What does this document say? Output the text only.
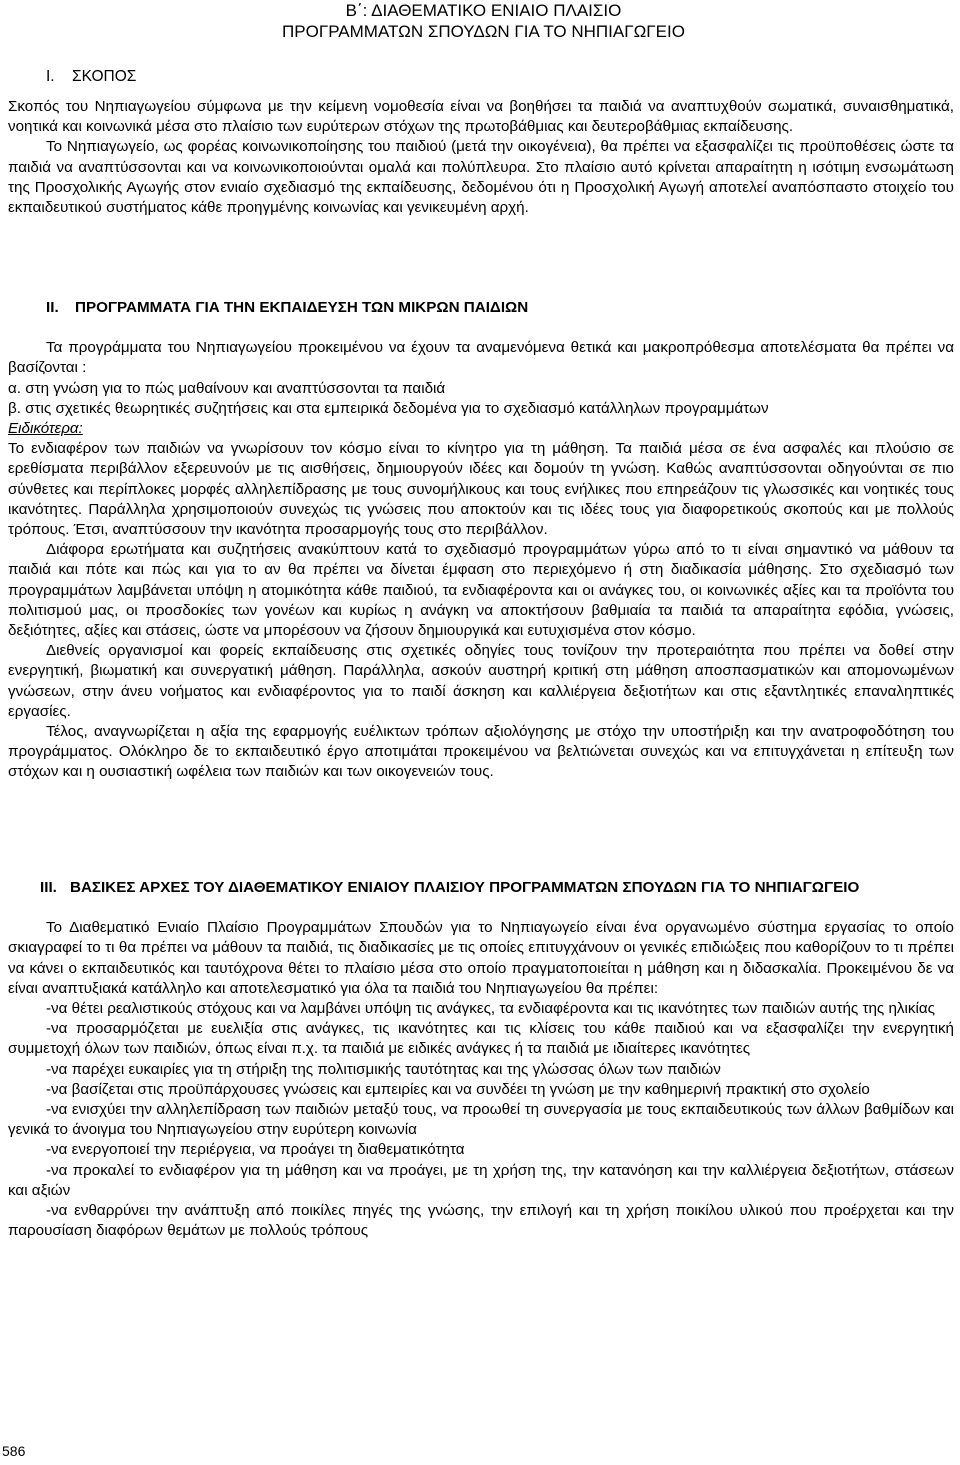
Β΄: ΔΙΑΘΕΜΑΤΙΚΟ ΕΝΙΑΙΟ ΠΛΑΙΣΙΟ
ΠΡΟΓΡΑΜΜΑΤΩΝ ΣΠΟΥΔΩΝ ΓΙΑ ΤΟ ΝΗΠΙΑΓΩΓΕΙΟ
I. ΣΚΟΠΟΣ

Σκοπός του Νηπιαγωγείου σύμφωνα με την κείμενη νομοθεσία είναι να βοηθήσει τα παιδιά να αναπτυχθούν σωματικά, συναισθηματικά, νοητικά και κοινωνικά μέσα στο πλαίσιο των ευρύτερων στόχων της πρωτοβάθμιας και δευτεροβάθμιας εκπαίδευσης.

Το Νηπιαγωγείο, ως φορέας κοινωνικοποίησης του παιδιού (μετά την οικογένεια), θα πρέπει να εξασφαλίζει τις προϋποθέσεις ώστε τα παιδιά να αναπτύσσονται και να κοινωνικοποιούνται ομαλά και πολύπλευρα. Στο πλαίσιο αυτό κρίνεται απαραίτητη η ισότιμη ενσωμάτωση της Προσχολικής Αγωγής στον ενιαίο σχεδιασμό της εκπαίδευσης, δεδομένου ότι η Προσχολική Αγωγή αποτελεί αναπόσπαστο στοιχείο του εκπαιδευτικού συστήματος κάθε προηγμένης κοινωνίας και γενικευμένη αρχή.

II. ΠΡΟΓΡΑΜΜΑΤΑ ΓΙΑ ΤΗΝ ΕΚΠΑΙΔΕΥΣΗ ΤΩΝ ΜΙΚΡΩΝ ΠΑΙΔΙΩΝ

Τα προγράμματα του Νηπιαγωγείου προκειμένου να έχουν τα αναμενόμενα θετικά και μακροπρόθεσμα αποτελέσματα θα πρέπει να βασίζονται :

α. στη γνώση για το πώς μαθαίνουν και αναπτύσσονται τα παιδιά

β. στις σχετικές θεωρητικές συζητήσεις και στα εμπειρικά δεδομένα για το σχεδιασμό κατάλληλων προγραμμάτων

Ειδικότερα:

Το ενδιαφέρον των παιδιών να γνωρίσουν τον κόσμο είναι το κίνητρο για τη μάθηση. Τα παιδιά μέσα σε ένα ασφαλές και πλούσιο σε ερεθίσματα περιβάλλον εξερευνούν με τις αισθήσεις, δημιουργούν ιδέες και δομούν τη γνώση. Καθώς αναπτύσσονται οδηγούνται σε πιο σύνθετες και περίπλοκες μορφές αλληλεπίδρασης με τους συνομήλικους και τους ενήλικες που επηρεάζουν τις γλωσσικές και νοητικές τους ικανότητες. Παράλληλα χρησιμοποιούν συνεχώς τις γνώσεις που αποκτούν και τις ιδέες τους για διαφορετικούς σκοπούς και με πολλούς τρόπους. Έτσι, αναπτύσσουν την ικανότητα προσαρμογής τους στο περιβάλλον.

Διάφορα ερωτήματα και συζητήσεις ανακύπτουν κατά το σχεδιασμό προγραμμάτων γύρω από το τι είναι σημαντικό να μάθουν τα παιδιά και πότε και πώς και για το αν θα πρέπει να δίνεται έμφαση στο περιεχόμενο ή στη διαδικασία μάθησης. Στο σχεδιασμό των προγραμμάτων λαμβάνεται υπόψη η ατομικότητα κάθε παιδιού, τα ενδιαφέροντα και οι ανάγκες του, οι κοινωνικές αξίες και τα προϊόντα του πολιτισμού μας, οι προσδοκίες των γονέων και κυρίως η ανάγκη να αποκτήσουν βαθμιαία τα παιδιά τα απαραίτητα εφόδια, γνώσεις, δεξιότητες, αξίες και στάσεις, ώστε να μπορέσουν να ζήσουν δημιουργικά και ευτυχισμένα στον κόσμο.

Διεθνείς οργανισμοί και φορείς εκπαίδευσης στις σχετικές οδηγίες τους τονίζουν την προτεραιότητα που πρέπει να δοθεί στην ενεργητική, βιωματική και συνεργατική μάθηση. Παράλληλα, ασκούν αυστηρή κριτική στη μάθηση αποσπασματικών και απομονωμένων γνώσεων, στην άνευ νοήματος και ενδιαφέροντος για το παιδί άσκηση και καλλιέργεια δεξιοτήτων και στις εξαντλητικές επαναληπτικές εργασίες.

Τέλος, αναγνωρίζεται η αξία της εφαρμογής ευέλικτων τρόπων αξιολόγησης με στόχο την υποστήριξη και την ανατροφοδότηση του προγράμματος. Ολόκληρο δε το εκπαιδευτικό έργο αποτιμάται προκειμένου να βελτιώνεται συνεχώς και να επιτυγχάνεται η επίτευξη των στόχων και η ουσιαστική ωφέλεια των παιδιών και των οικογενειών τους.

III. ΒΑΣΙΚΕΣ ΑΡΧΕΣ ΤΟΥ ΔΙΑΘΕΜΑΤΙΚΟΥ ΕΝΙΑΙΟΥ ΠΛΑΙΣΙΟΥ ΠΡΟΓΡΑΜΜΑΤΩΝ ΣΠΟΥΔΩΝ ΓΙΑ ΤΟ ΝΗΠΙΑΓΩΓΕΙΟ

Το Διαθεματικό Ενιαίο Πλαίσιο Προγραμμάτων Σπουδών για το Νηπιαγωγείο είναι ένα οργανωμένο σύστημα εργασίας το οποίο σκιαγραφεί το τι θα πρέπει να μάθουν τα παιδιά, τις διαδικασίες με τις οποίες επιτυγχάνουν οι γενικές επιδιώξεις που καθορίζουν το τι πρέπει να κάνει ο εκπαιδευτικός και ταυτόχρονα θέτει το πλαίσιο μέσα στο οποίο πραγματοποιείται η μάθηση και η διδασκαλία. Προκειμένου δε να είναι αναπτυξιακά κατάλληλο και αποτελεσματικό για όλα τα παιδιά του Νηπιαγωγείου θα πρέπει:

-να θέτει ρεαλιστικούς στόχους και να λαμβάνει υπόψη τις ανάγκες, τα ενδιαφέροντα και τις ικανότητες των παιδιών αυτής της ηλικίας

-να προσαρμόζεται με ευελιξία στις ανάγκες, τις ικανότητες και τις κλίσεις του κάθε παιδιού και να εξασφαλίζει την ενεργητική συμμετοχή όλων των παιδιών, όπως είναι π.χ. τα παιδιά με ειδικές ανάγκες ή τα παιδιά με ιδιαίτερες ικανότητες

-να παρέχει ευκαιρίες για τη στήριξη της πολιτισμικής ταυτότητας και της γλώσσας όλων των παιδιών

-να βασίζεται στις προϋπάρχουσες γνώσεις και εμπειρίες και να συνδέει τη γνώση με την καθημερινή πρακτική στο σχολείο

-να ενισχύει την αλληλεπίδραση των παιδιών μεταξύ τους, να προωθεί τη συνεργασία με τους εκπαιδευτικούς των άλλων βαθμίδων και γενικά το άνοιγμα του Νηπιαγωγείου στην ευρύτερη κοινωνία

-να ενεργοποιεί την περιέργεια, να προάγει τη διαθεματικότητα

-να προκαλεί το ενδιαφέρον για τη μάθηση και να προάγει, με τη χρήση της, την κατανόηση και την καλλιέργεια δεξιοτήτων, στάσεων και αξιών

-να ενθαρρύνει την ανάπτυξη από ποικίλες πηγές της γνώσης, την επιλογή και τη χρήση ποικίλου υλικού που προέρχεται και την παρουσίαση διαφόρων θεμάτων με πολλούς τρόπους

586
